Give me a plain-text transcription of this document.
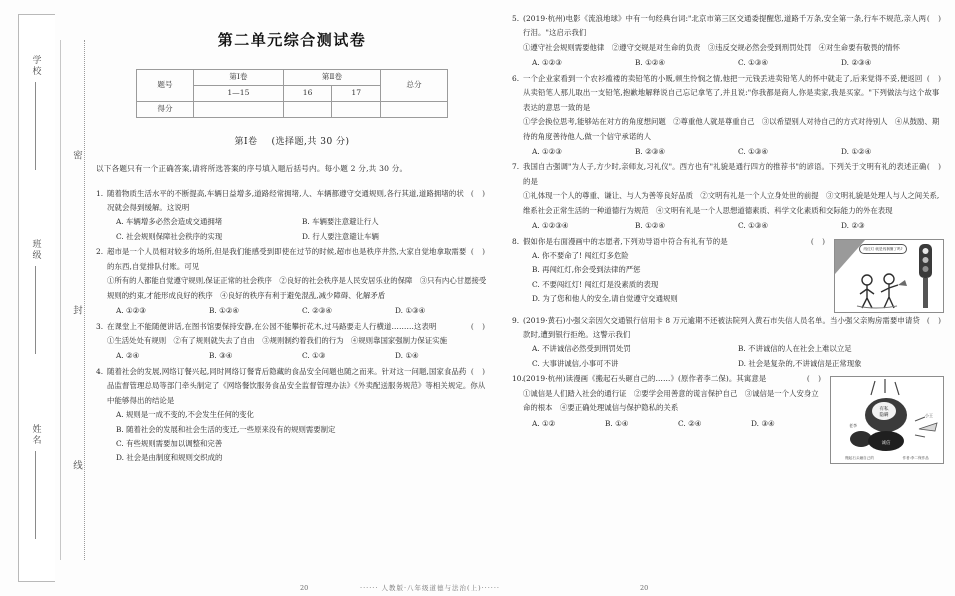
学校
班级
姓名
密
封
线
第二单元综合测试卷
题号	第Ⅰ卷	第Ⅱ卷		总分
	1—15	16	17	
得分				
第Ⅰ卷 (选择题,共 30 分)
以下各题只有一个正确答案,请将所选答案的序号填入题后括号内。每小题 2 分,共 30 分。
1.	( )
随着物质生活水平的不断提高,车辆日益增多,道路经常拥堵,人、车辆都遵守交通规则,各行其道,道路拥堵的状况就会得到缓解。这说明
A. 车辆增多必然会造成交通拥堵	B. 车辆要注意避让行人
C. 社会规则保障社会秩序的实现	D. 行人要注意避让车辆
2.	( )
超市是一个人员相对较多的场所,但是我们能感受到即使在过节的时候,超市也是秩序井然,大家自觉地拿取需要的东西,自觉排队付账。可见
①所有的人都能自觉遵守规则,保证正常的社会秩序　②良好的社会秩序是人民安居乐业的保障　③只有内心甘愿接受规则的约束,才能形成良好的秩序　④良好的秩序有利于避免混乱,减少障碍、化解矛盾
A. ①②③	B. ①②④	C. ②③④	D. ①③④
3.	( )
在课堂上不能随便讲话,在图书馆要保持安静,在公园不能攀折花木,过马路要走人行横道………这表明
①生活处处有规则　②有了规则就失去了自由　③规则制约着我们的行为　④规则靠国家强制力保证实施
A. ②④	B. ③④	C. ①③	D. ①④
4.	( )
随着社会的发展,网络订餐兴起,同时网络订餐背后隐藏的食品安全问题也随之而来。针对这一问题,国家食品药品监督管理总局等部门牵头制定了《网络餐饮服务食品安全监督管理办法》《外卖配送服务规范》等相关规定。你从中能够得出的结论是
A. 规则是一成不变的,不会发生任何的变化
B. 随着社会的发展和社会生活的变迁,一些原来没有的规则需要制定
C. 有些规则需要加以调整和完善
D. 社会是由制度和规则交织成的
5.	( )
(2019·杭州)电影《流浪地球》中有一句经典台词:"北京市第三区交通委提醒您,道路千万条,安全第一条,行车不规范,亲人两行泪。"这启示我们
①遵守社会规则需要他律　②遵守交规是对生命的负责　③违反交规必然会受到刑罚处罚　④对生命要有敬畏的情怀
A. ①②③	B. ①②④	C. ①③④	D. ②③④
6.	( )
一个企业家看到一个农衫褴褛的卖铅笔的小贩,顿生怜悯之情,他把一元钱丢进卖铅笔人的怀中就走了,后来觉得不妥,便返回从卖铅笔人那儿取出一支铅笔,抱歉地解释说自己忘记拿笔了,并且说:"你我都是商人,你是卖家,我是买家。"下列做法与这个故事表达的意思一致的是
①学会换位思考,能够站在对方的角度想问题　②尊重他人就是尊重自己　③以希望别人对待自己的方式对待别人　④从鼓励、期待的角度善待他人,做一个信守承诺的人
A. ①②③	B. ②③④	C. ①③④	D. ①②④
7.	( )
我国自古强调"为人子,方少时,亲师友,习礼仪"。西方也有"礼貌是通行四方的推荐书"的谚语。下列关于文明有礼的表述正确的是
①礼体现一个人的尊重、谦让、与人为善等良好品质　②文明有礼是一个人立身处世的前提　③文明礼貌是处理人与人之间关系,维系社会正常生活的一种道德行为规范　④文明有礼是一个人思想道德素质、科学文化素质和交际能力的外在表现
A. ①②③④	B. ①②④	C. ①③④	D. ②③
8. 假如你是右面漫画中的志愿者,下列劝导语中符合有礼有节的是	( )
A. 你不要命了! 闯红灯多危险
B. 再闯红灯,你会受到法律的严惩
C. 不要闯红灯! 闯红灯是没素质的表现
D. 为了您和他人的安全,请自觉遵守交通规则
闯红灯 就是闯祸懂了吗?
9.	( )
(2019·黄石)小强父亲因欠交通银行信用卡 8 万元逾期不还被法院列入黄石市失信人员名单。当小强父亲购房需要申请贷款时,遭到银行拒绝。这警示我们
A. 不讲诚信必然受到刑罚处罚	B. 不讲诚信的人在社会上难以立足
C. 大事讲诚信,小事可不讲	D. 社会是复杂的,不讲诚信是正常现象
10.
(2019·杭州)读漫画《搬起石头砸自己的……》(原作者李二保)。其寓意是	( )
①诚信是人们踏入社会的通行证　②要学会用善意的谎言保护自己　③诚信是一个人安身立命的根本　④要正确处理诚信与保护隐私的关系
A. ①②	B. ①④	C. ②④	D. ③④
有私
隐瞒
老李
小王
诚信
搬起石头砸自己的	作者:李二保作品
20	······ 人教版·八年级道德与法治(上)······	20
